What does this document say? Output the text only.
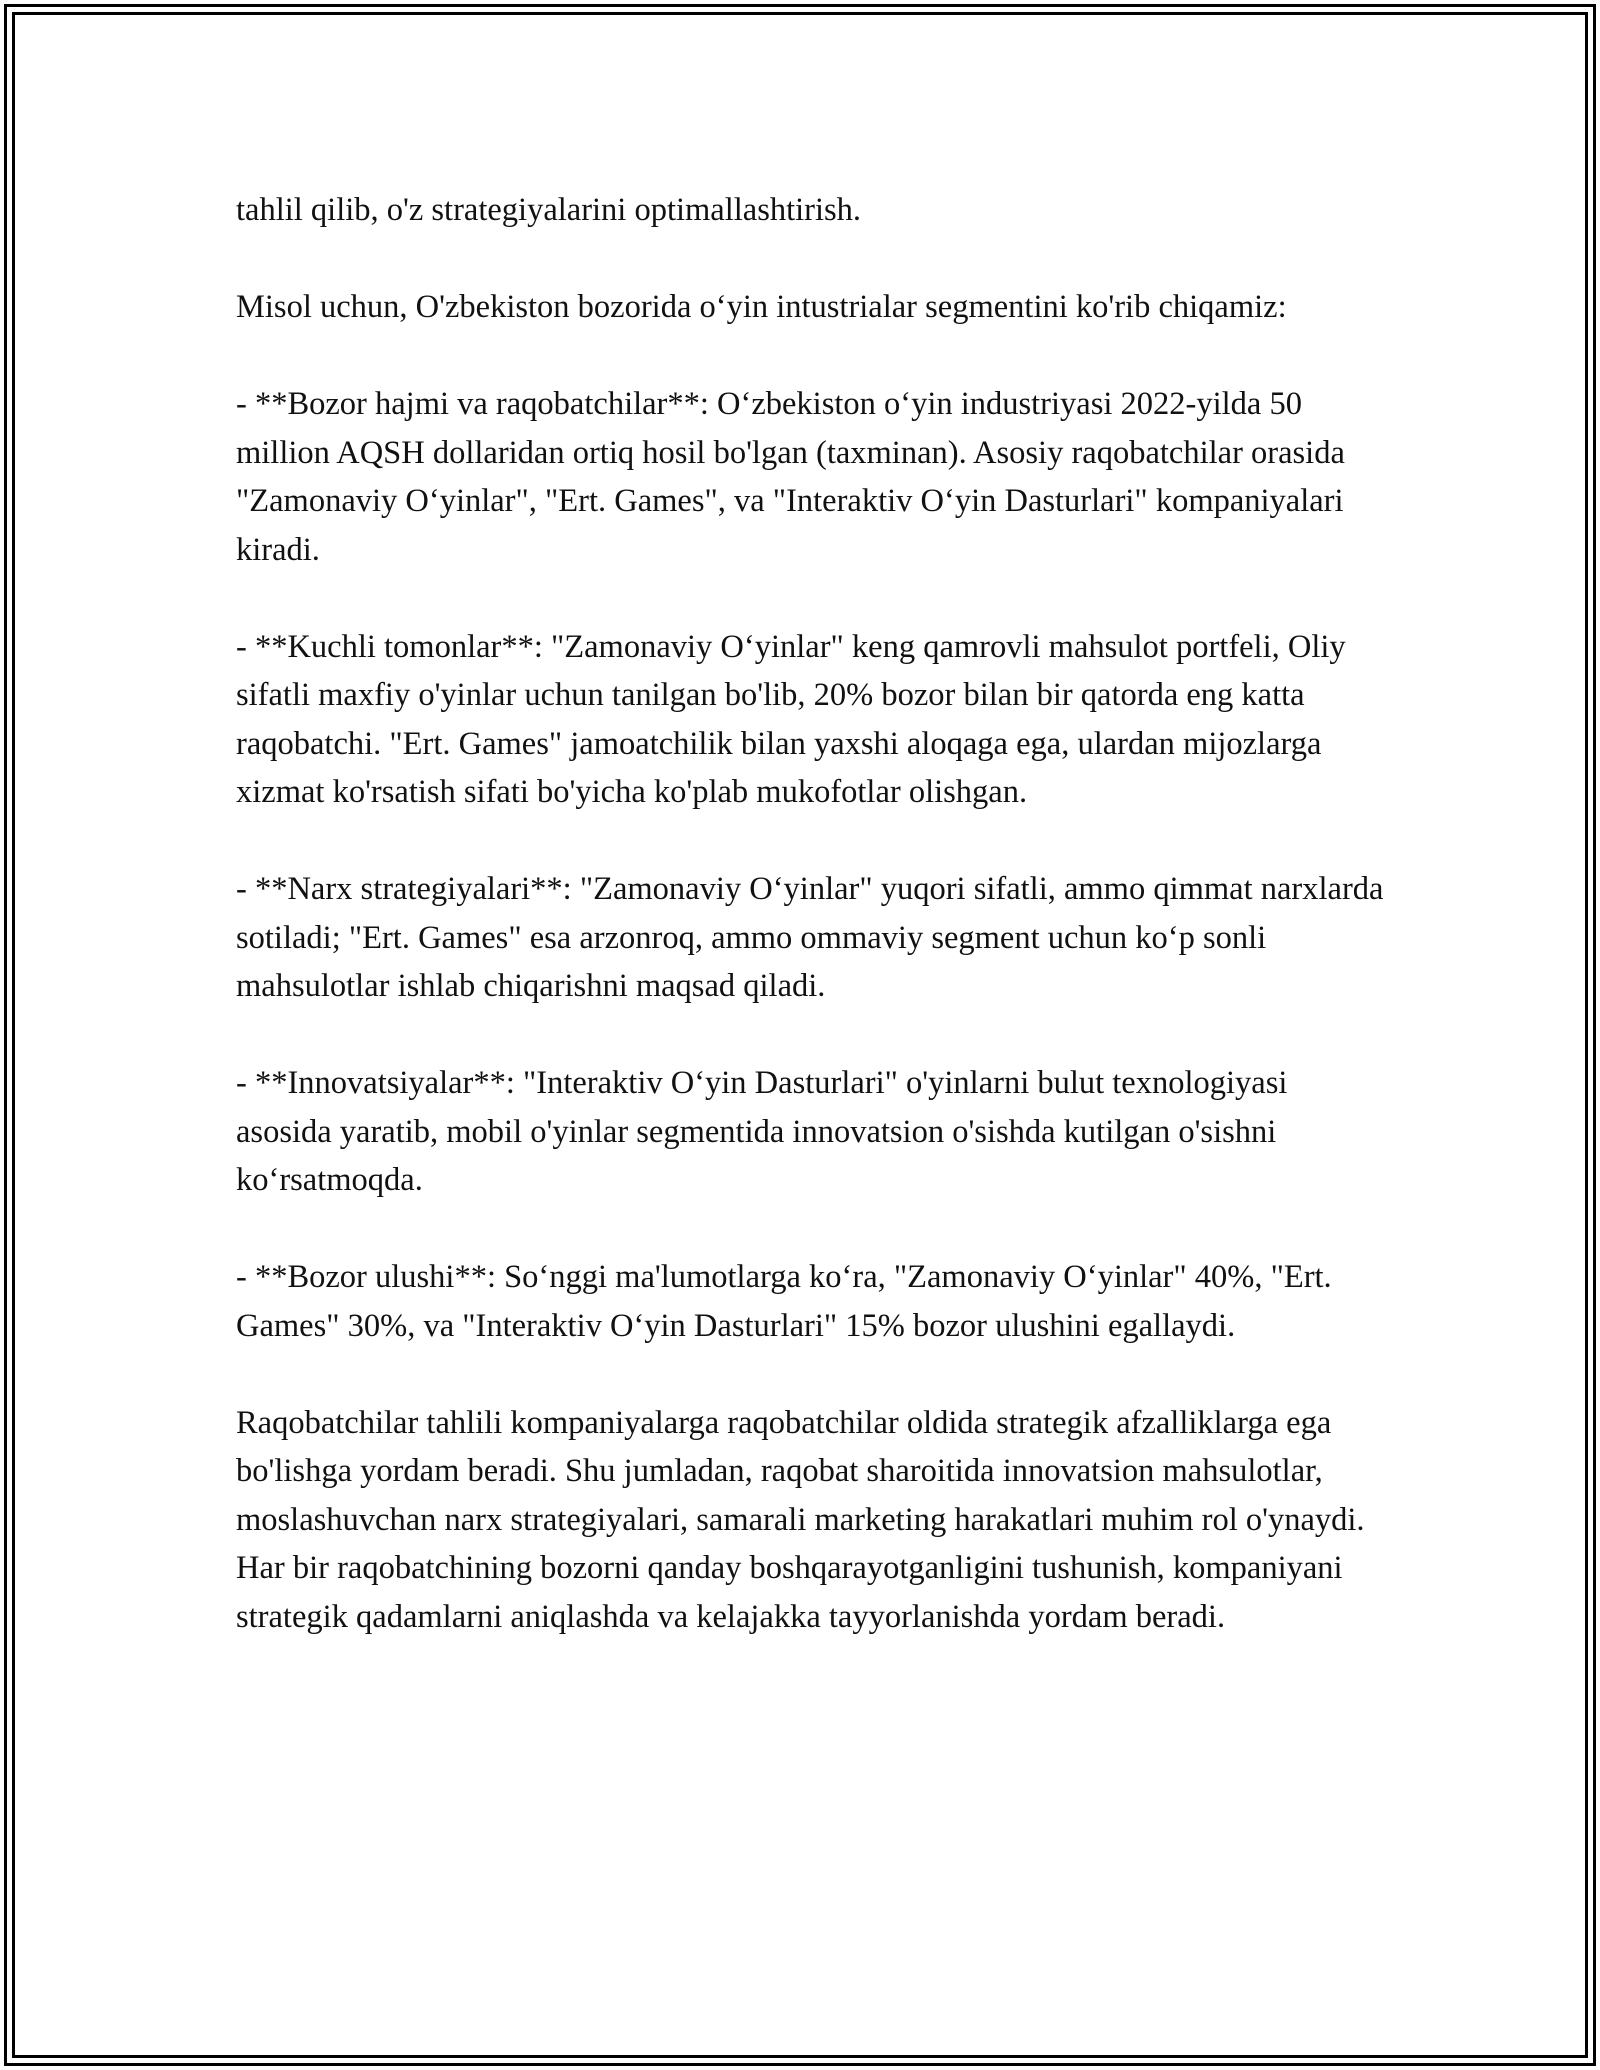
tahlil qilib, o'z strategiyalarini optimallashtirish.

Misol uchun, O'zbekiston bozorida o‘yin intustrialar segmentini ko'rib chiqamiz:

- **Bozor hajmi va raqobatchilar**: O‘zbekiston o‘yin industriyasi 2022-yilda 50 million AQSH dollaridan ortiq hosil bo'lgan (taxminan). Asosiy raqobatchilar orasida "Zamonaviy O‘yinlar", "Ert. Games", va "Interaktiv O‘yin Dasturlari" kompaniyalari kiradi.

- **Kuchli tomonlar**: "Zamonaviy O‘yinlar" keng qamrovli mahsulot portfeli, Oliy sifatli maxfiy o'yinlar uchun tanilgan bo'lib, 20% bozor bilan bir qatorda eng katta raqobatchi. "Ert. Games" jamoatchilik bilan yaxshi aloqaga ega, ulardan mijozlarga xizmat ko'rsatish sifati bo'yicha ko'plab mukofotlar olishgan.

- **Narx strategiyalari**: "Zamonaviy O‘yinlar" yuqori sifatli, ammo qimmat narxlarda sotiladi; "Ert. Games" esa arzonroq, ammo ommaviy segment uchun ko‘p sonli mahsulotlar ishlab chiqarishni maqsad qiladi.

- **Innovatsiyalar**: "Interaktiv O‘yin Dasturlari" o'yinlarni bulut texnologiyasi asosida yaratib, mobil o'yinlar segmentida innovatsion o'sishda kutilgan o'sishni ko‘rsatmoqda.

- **Bozor ulushi**: So‘nggi ma'lumotlarga ko‘ra, "Zamonaviy O‘yinlar" 40%, "Ert. Games" 30%, va "Interaktiv O‘yin Dasturlari" 15% bozor ulushini egallaydi.

Raqobatchilar tahlili kompaniyalarga raqobatchilar oldida strategik afzalliklarga ega bo'lishga yordam beradi. Shu jumladan, raqobat sharoitida innovatsion mahsulotlar, moslashuvchan narx strategiyalari, samarali marketing harakatlari muhim rol o'ynaydi. Har bir raqobatchining bozorni qanday boshqarayotganligini tushunish, kompaniyani strategik qadamlarni aniqlashda va kelajakka tayyorlanishda yordam beradi.
